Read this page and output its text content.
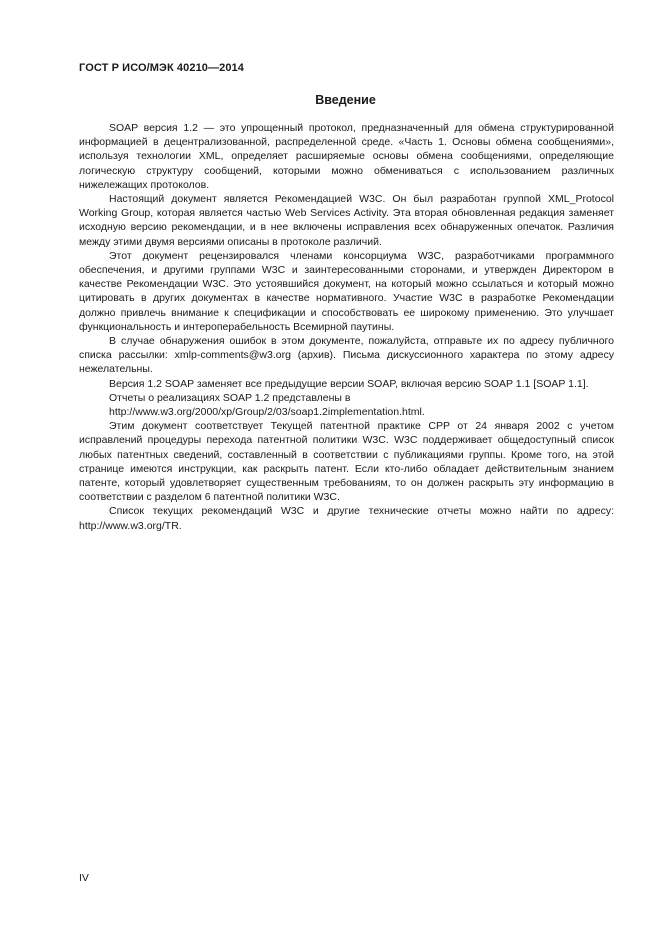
ГОСТ Р ИСО/МЭК 40210—2014
Введение

SOAP версия 1.2 — это упрощенный протокол, предназначенный для обмена структурированной информацией в децентрализованной, распределенной среде. «Часть 1. Основы обмена сообщениями», используя технологии XML, определяет расширяемые основы обмена сообщениями, определяющие логическую структуру сообщений, которыми можно обмениваться с использованием различных нижележащих протоколов.

Настоящий документ является Рекомендацией W3C. Он был разработан группой XML_Protocol Working Group, которая является частью Web Services Activity. Эта вторая обновленная редакция заменяет исходную версию рекомендации, и в нее включены исправления всех обнаруженных опечаток. Различия между этими двумя версиями описаны в протоколе различий.

Этот документ рецензировался членами консорциума W3C, разработчиками программного обеспечения, и другими группами W3C и заинтересованными сторонами, и утвержден Директором в качестве Рекомендации W3C. Это устоявшийся документ, на который можно ссылаться и который можно цитировать в других документах в качестве нормативного. Участие W3C в разработке Рекомендации должно привлечь внимание к спецификации и способствовать ее широкому применению. Это улучшает функциональность и интероперабельность Всемирной паутины.

В случае обнаружения ошибок в этом документе, пожалуйста, отправьте их по адресу публичного списка рассылки: xmlp-comments@w3.org (архив). Письма дискуссионного характера по этому адресу нежелательны.

Версия 1.2 SOAP заменяет все предыдущие версии SOAP, включая версию SOAP 1.1 [SOAP 1.1].

Отчеты о реализациях SOAP 1.2 представлены в

http://www.w3.org/2000/xp/Group/2/03/soap1.2implementation.html.

Этим документ соответствует Текущей патентной практике CPP от 24 января 2002 с учетом исправлений процедуры перехода патентной политики W3C. W3C поддерживает общедоступный список любых патентных сведений, составленный в соответствии с публикациями группы. Кроме того, на этой странице имеются инструкции, как раскрыть патент. Если кто-либо обладает действительным знанием патенте, который удовлетворяет существенным требованиям, то он должен раскрыть эту информацию в соответствии с разделом 6 патентной политики W3C.

Список текущих рекомендаций W3C и другие технические отчеты можно найти по адресу: http://www.w3.org/TR.

IV
